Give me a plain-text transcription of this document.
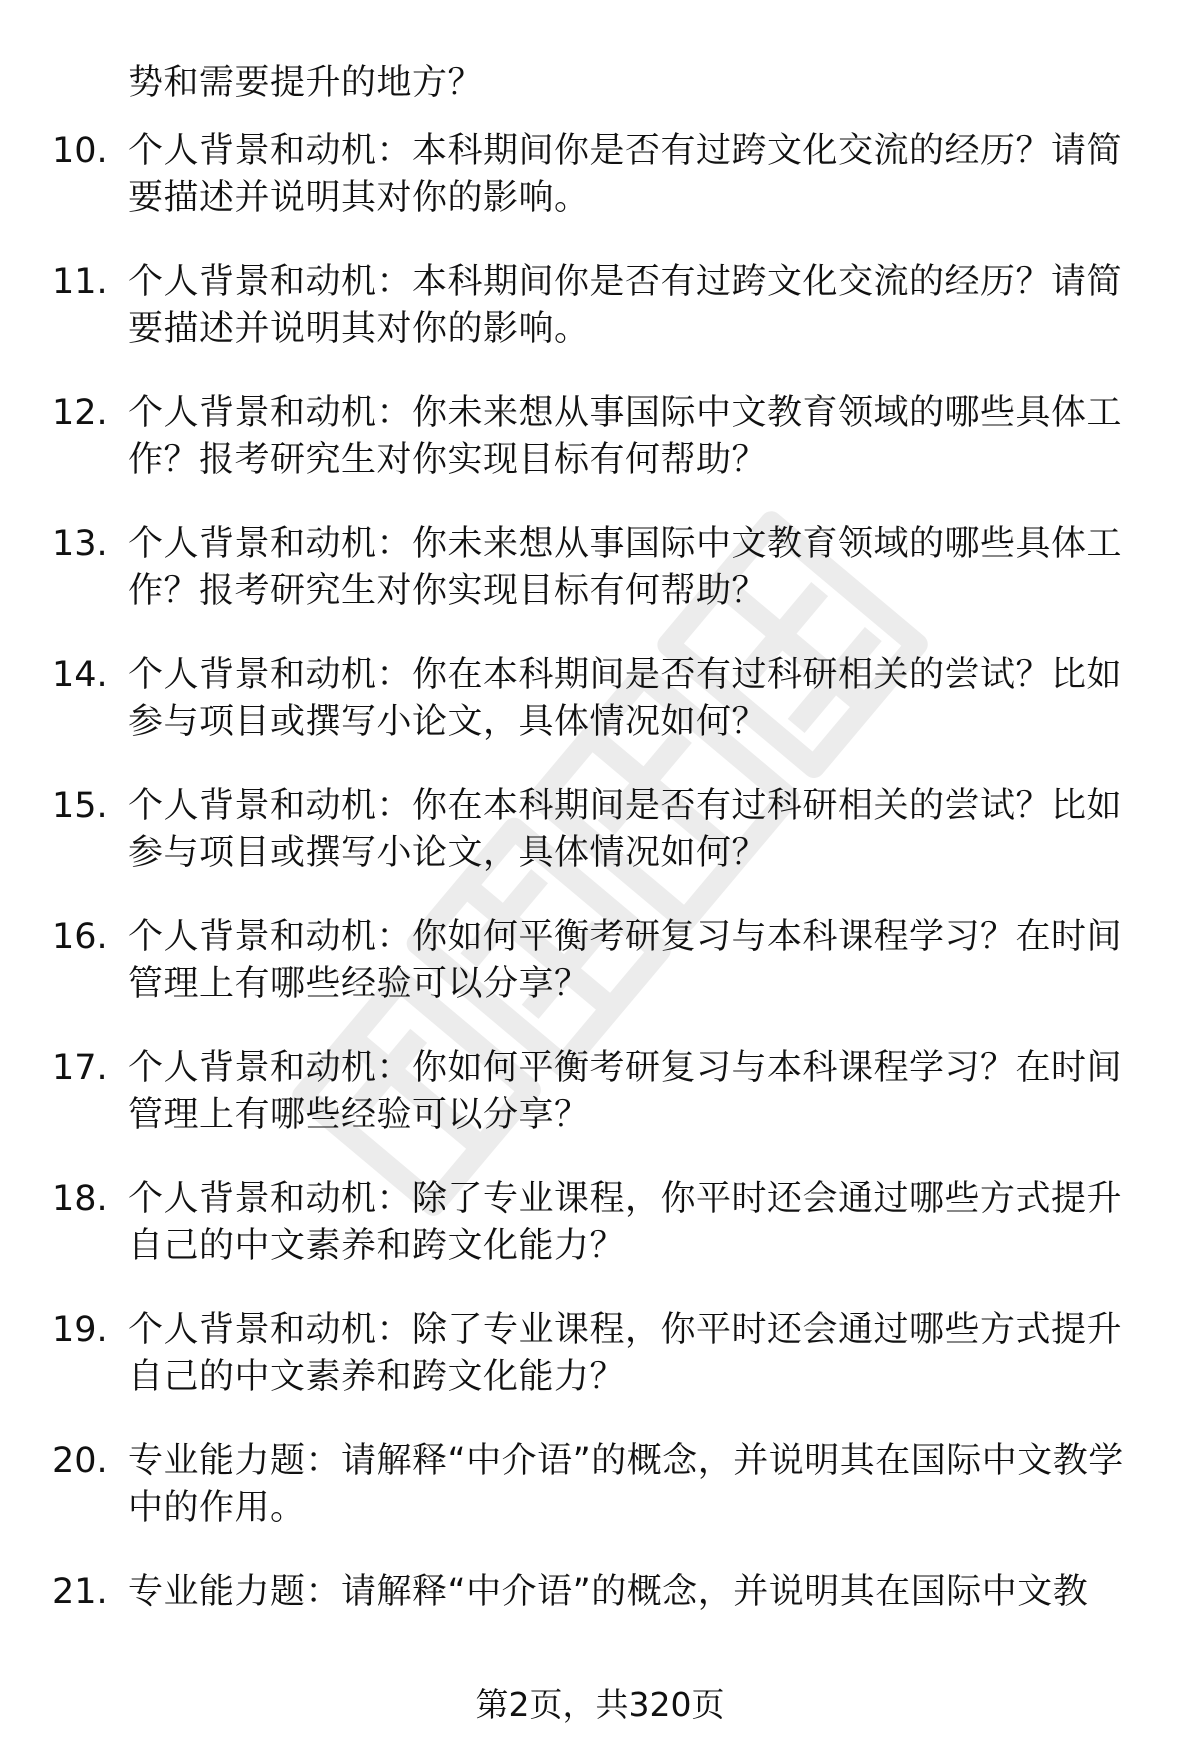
势和需要提升的地方？
10. 个人背景和动机：本科期间你是否有过跨文化交流的经历？请简要描述并说明其对你的影响。
11. 个人背景和动机：本科期间你是否有过跨文化交流的经历？请简要描述并说明其对你的影响。
12. 个人背景和动机：你未来想从事国际中文教育领域的哪些具体工作？报考研究生对你实现目标有何帮助？
13. 个人背景和动机：你未来想从事国际中文教育领域的哪些具体工作？报考研究生对你实现目标有何帮助？
14. 个人背景和动机：你在本科期间是否有过科研相关的尝试？比如参与项目或撰写小论文，具体情况如何？
15. 个人背景和动机：你在本科期间是否有过科研相关的尝试？比如参与项目或撰写小论文，具体情况如何？
16. 个人背景和动机：你如何平衡考研复习与本科课程学习？在时间管理上有哪些经验可以分享？
17. 个人背景和动机：你如何平衡考研复习与本科课程学习？在时间管理上有哪些经验可以分享？
18. 个人背景和动机：除了专业课程，你平时还会通过哪些方式提升自己的中文素养和跨文化能力？
19. 个人背景和动机：除了专业课程，你平时还会通过哪些方式提升自己的中文素养和跨文化能力？
20. 专业能力题：请解释“中介语”的概念，并说明其在国际中文教学中的作用。
21. 专业能力题：请解释“中介语”的概念，并说明其在国际中文教
第2页，共320页
